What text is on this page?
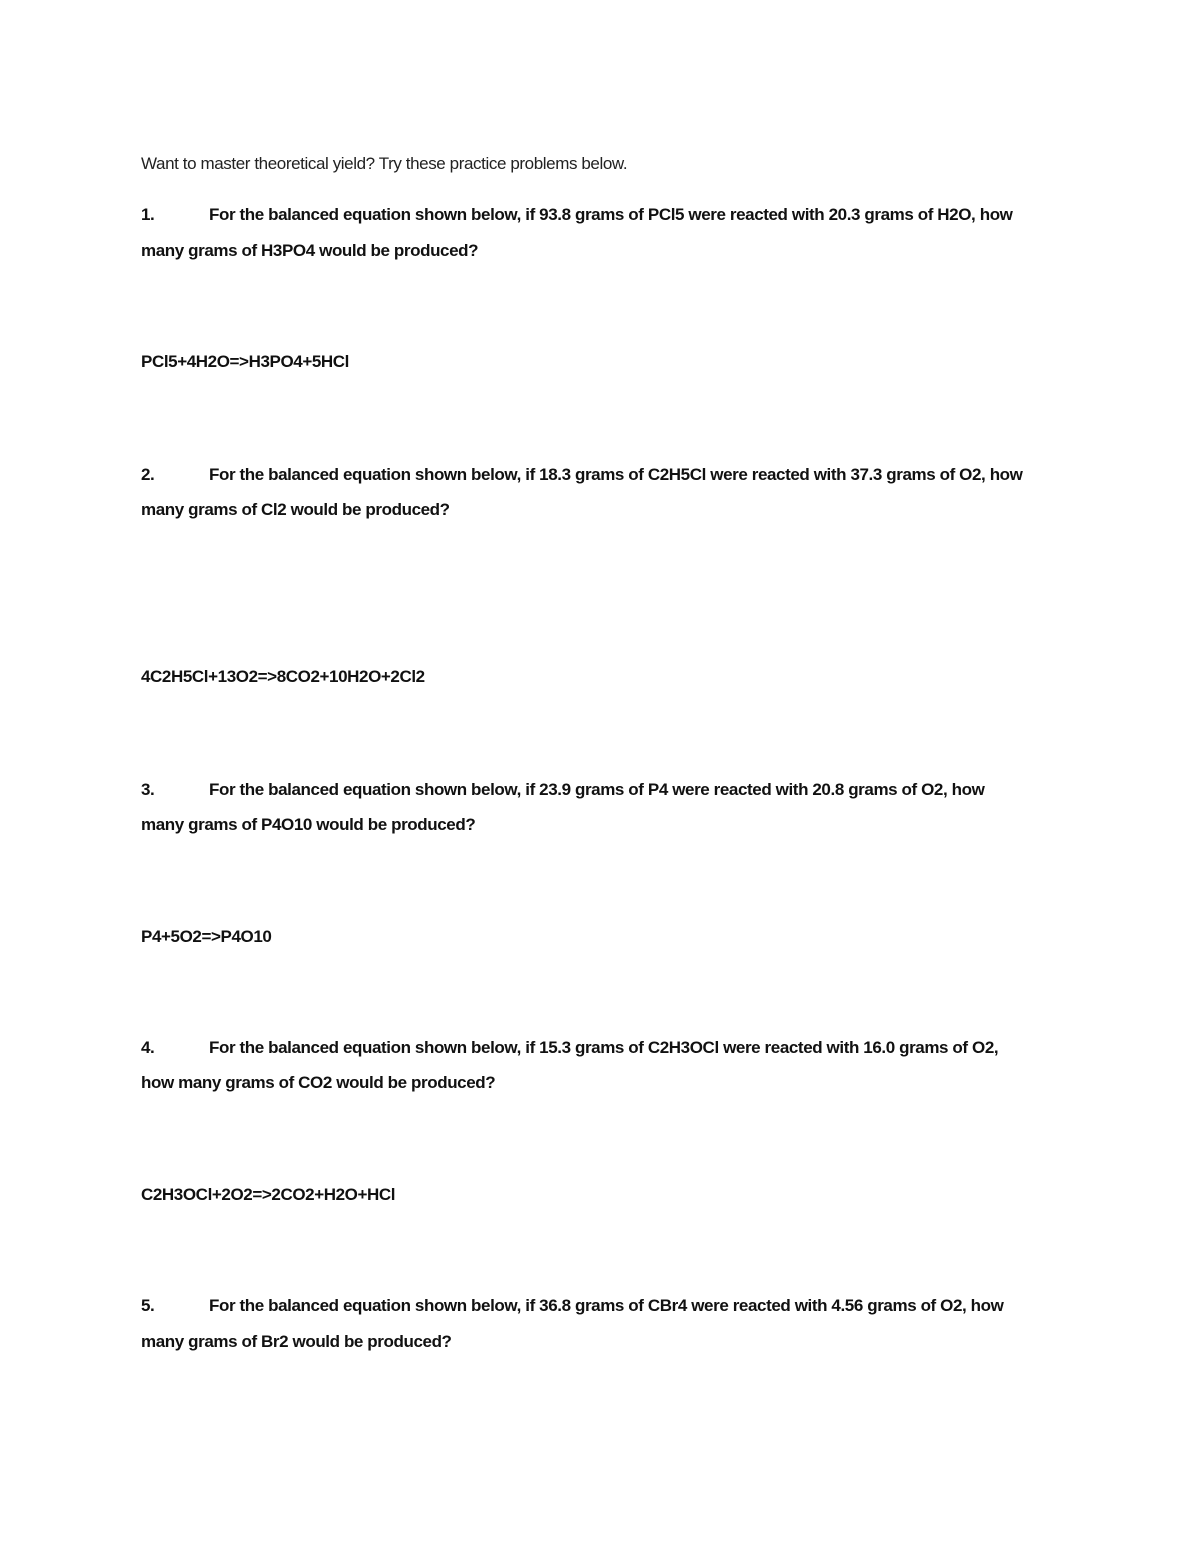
Want to master theoretical yield? Try these practice problems below.
1.	For the balanced equation shown below, if 93.8 grams of PCl5 were reacted with 20.3 grams of H2O, how
many grams of H3PO4 would be produced?
PCl5+4H2O=>H3PO4+5HCl
2.	For the balanced equation shown below, if 18.3 grams of C2H5Cl were reacted with 37.3 grams of O2, how
many grams of Cl2 would be produced?
4C2H5Cl+13O2=>8CO2+10H2O+2Cl2
3.	For the balanced equation shown below, if 23.9 grams of P4 were reacted with 20.8 grams of O2, how
many grams of P4O10 would be produced?
P4+5O2=>P4O10
4.	For the balanced equation shown below, if 15.3 grams of C2H3OCl were reacted with 16.0 grams of O2,
how many grams of CO2 would be produced?
C2H3OCl+2O2=>2CO2+H2O+HCl
5.	For the balanced equation shown below, if 36.8 grams of CBr4 were reacted with 4.56 grams of O2, how
many grams of Br2 would be produced?
